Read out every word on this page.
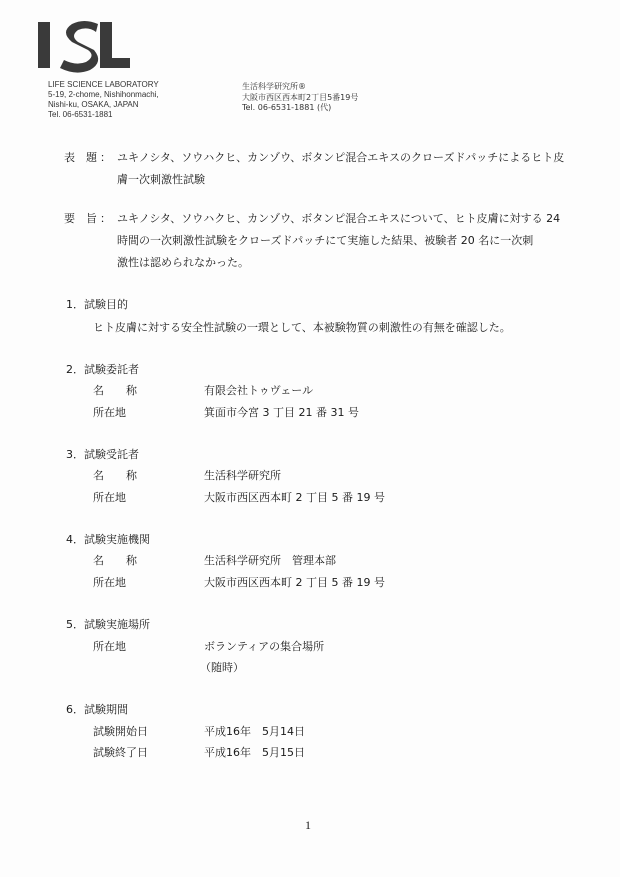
LIFE SCIENCE LABORATORY
5-19, 2-chome, Nishihonmachi,
Nishi-ku, OSAKA, JAPAN
Tel. 06-6531-1881
生活科学研究所®
大阪市西区西本町2丁目5番19号
Tel. 06-6531-1881 (代)
表　題 ： ユキノシタ、ソウハクヒ、カンゾウ、ボタンピ混合エキスのクローズドパッチによるヒト皮
膚一次刺激性試験
要　旨 ： ユキノシタ、ソウハクヒ、カンゾウ、ボタンピ混合エキスについて、ヒト皮膚に対する 24
時間の一次刺激性試験をクローズドパッチにて実施した結果、被験者 20 名に一次刺
激性は認められなかった。
1．試験目的
ヒト皮膚に対する安全性試験の一環として、本被験物質の刺激性の有無を確認した。
2．試験委託者
名　　称	有限会社トゥヴェール
所在地	箕面市今宮 3 丁目 21 番 31 号
3．試験受託者
名　　称	生活科学研究所
所在地	大阪市西区西本町 2 丁目 5 番 19 号
4．試験実施機関
名　　称	生活科学研究所　管理本部
所在地	大阪市西区西本町 2 丁目 5 番 19 号
5．試験実施場所
所在地	ボランティアの集合場所
（随時）
6．試験期間
試験開始日	平成16年　5月14日
試験終了日	平成16年　5月15日
1
